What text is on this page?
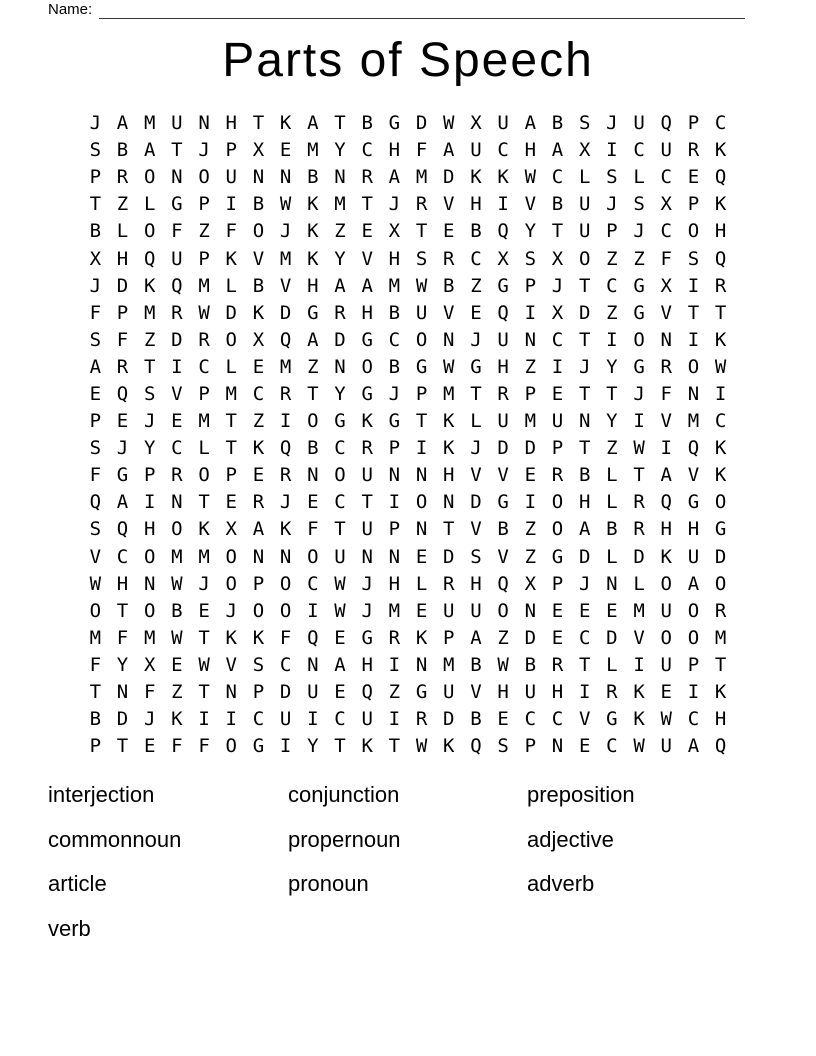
Name:
Parts of Speech
J A M U N H T K A T B G D W X U A B S J U Q P C
S B A T J P X E M Y C H F A U C H A X I C U R K
P R O N O U N N B N R A M D K K W C L S L C E Q
T Z L G P I B W K M T J R V H I V B U J S X P K
B L O F Z F O J K Z E X T E B Q Y T U P J C O H
X H Q U P K V M K Y V H S R C X S X O Z Z F S Q
J D K Q M L B V H A A M W B Z G P J T C G X I R
F P M R W D K D G R H B U V E Q I X D Z G V T T
S F Z D R O X Q A D G C O N J U N C T I O N I K
A R T I C L E M Z N O B G W G H Z I J Y G R O W
E Q S V P M C R T Y G J P M T R P E T T J F N I
P E J E M T Z I O G K G T K L U M U N Y I V M C
S J Y C L T K Q B C R P I K J D D P T Z W I Q K
F G P R O P E R N O U N N H V V E R B L T A V K
Q A I N T E R J E C T I O N D G I O H L R Q G O
S Q H O K X A K F T U P N T V B Z O A B R H H G
V C O M M O N N O U N N E D S V Z G D L D K U D
W H N W J O P O C W J H L R H Q X P J N L O A O
O T O B E J O O I W J M E U U O N E E E M U O R
M F M W T K K F Q E G R K P A Z D E C D V O O M
F Y X E W V S C N A H I N M B W B R T L I U P T
T N F Z T N P D U E Q Z G U V H U H I R K E I K
B D J K I I C U I C U I R D B E C C V G K W C H
P T E F F O G I Y T K T W K Q S P N E C W U A Q
interjection	conjunction	preposition
commonnoun	propernoun	adjective
article	pronoun	adverb
verb
